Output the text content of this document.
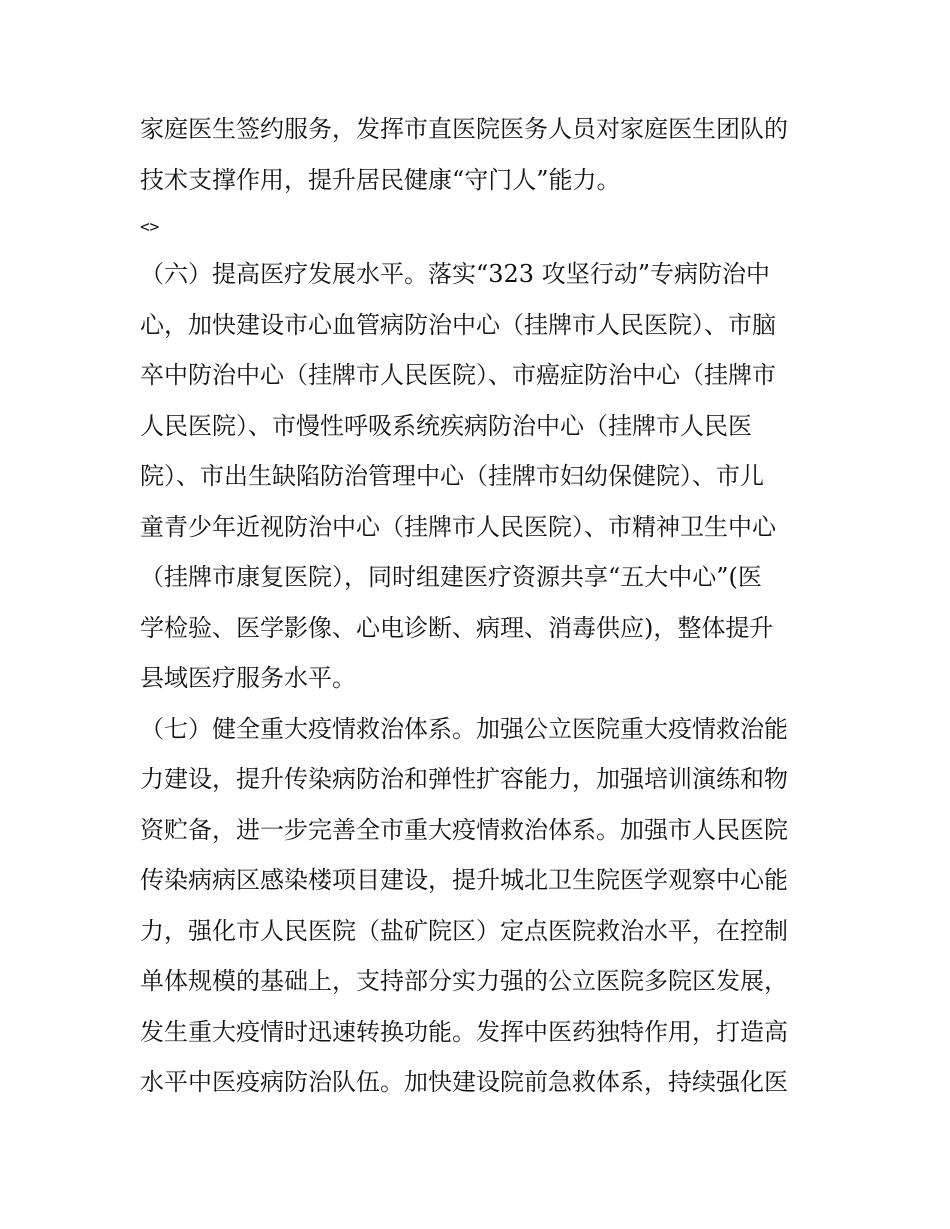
家庭医生签约服务，发挥市直医院医务人员对家庭医生团队的
技术支撑作用，提升居民健康“守门人”能力。
<>
（六）提高医疗发展水平。落实“323 攻坚行动”专病防治中
心，加快建设市心血管病防治中心（挂牌市人民医院）、市脑
卒中防治中心（挂牌市人民医院）、市癌症防治中心（挂牌市
人民医院）、市慢性呼吸系统疾病防治中心（挂牌市人民医
院）、市出生缺陷防治管理中心（挂牌市妇幼保健院）、市儿
童青少年近视防治中心（挂牌市人民医院）、市精神卫生中心
（挂牌市康复医院），同时组建医疗资源共享“五大中心”(医
学检验、医学影像、心电诊断、病理、消毒供应)，整体提升
县域医疗服务水平。
（七）健全重大疫情救治体系。加强公立医院重大疫情救治能
力建设，提升传染病防治和弹性扩容能力，加强培训演练和物
资贮备，进一步完善全市重大疫情救治体系。加强市人民医院
传染病病区感染楼项目建设，提升城北卫生院医学观察中心能
力，强化市人民医院（盐矿院区）定点医院救治水平，在控制
单体规模的基础上，支持部分实力强的公立医院多院区发展，
发生重大疫情时迅速转换功能。发挥中医药独特作用，打造高
水平中医疫病防治队伍。加快建设院前急救体系，持续强化医
